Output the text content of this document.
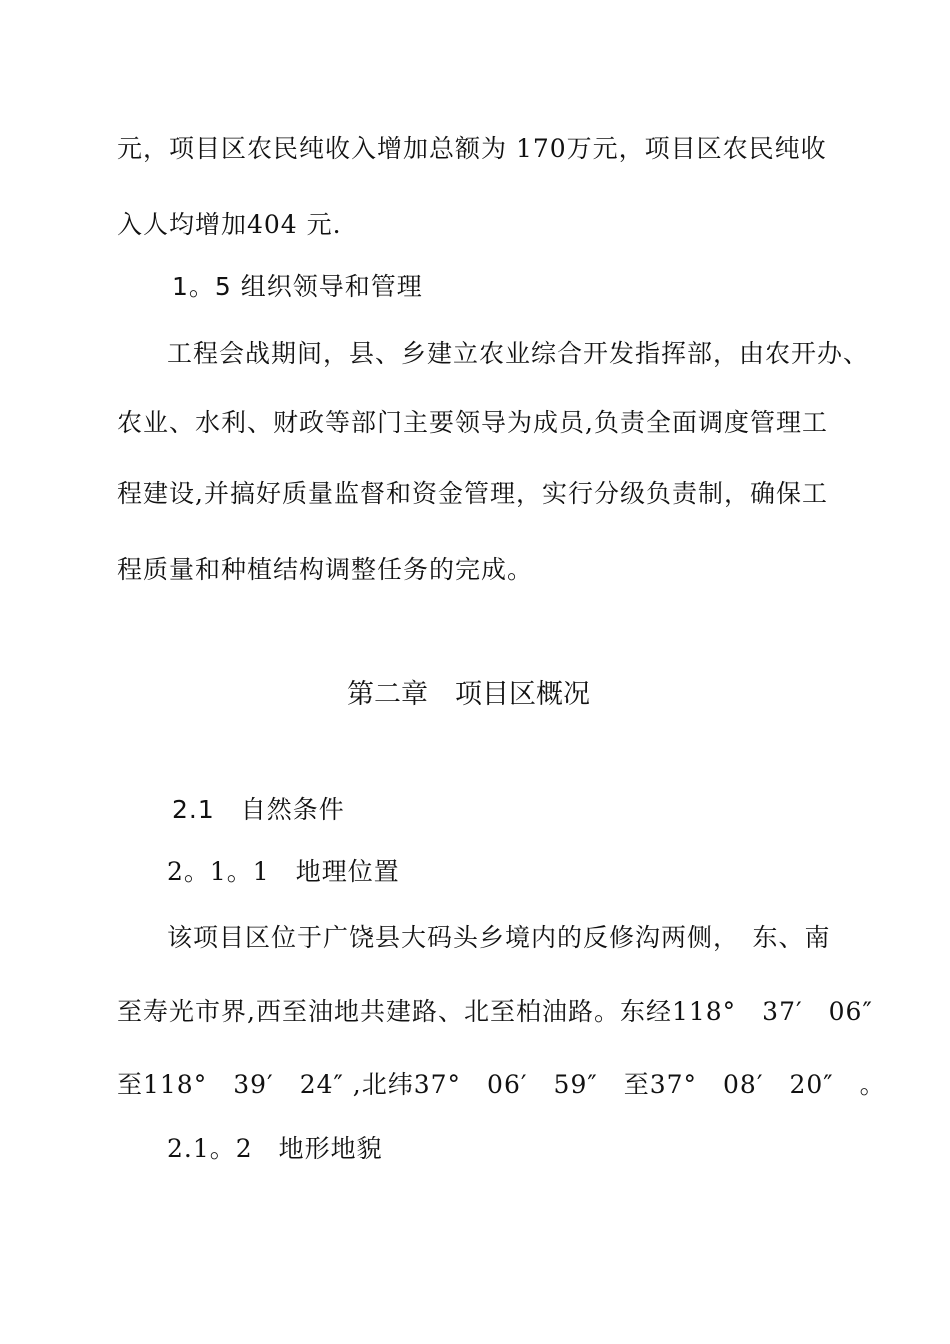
元，项目区农民纯收入增加总额为 170万元，项目区农民纯收
入人均增加404 元.
1。5 组织领导和管理
工程会战期间，县、乡建立农业综合开发指挥部，由农开办、
农业、水利、财政等部门主要领导为成员,负责全面调度管理工
程建设,并搞好质量监督和资金管理，实行分级负责制，确保工
程质量和种植结构调整任务的完成。
第二章　项目区概况
2.1　自然条件
2。1。1　地理位置
该项目区位于广饶县大码头乡境内的反修沟两侧，　东、南
至寿光市界,西至油地共建路、北至柏油路。东经118°　37′　06″
至118°　39′　24″ ,北纬37°　06′　59″　至37°　08′　20″　。
2.1。2　地形地貌
